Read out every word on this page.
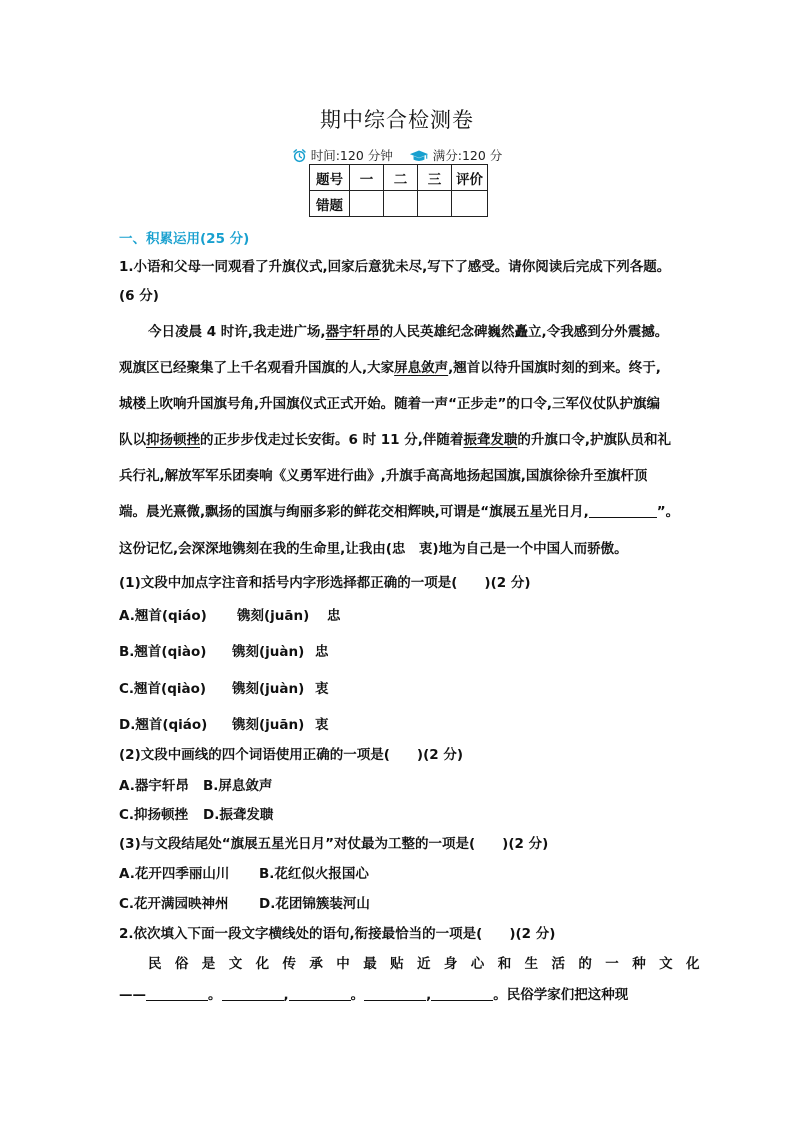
期中综合检测卷
时间:120 分钟	满分:120 分
题号	一	二	三	评价
错题				
一、积累运用(25 分)
1.小语和父母一同观看了升旗仪式,回家后意犹未尽,写下了感受。请你阅读后完成下列各题。
(6 分)
今日凌晨 4 时许,我走进广场,器宇轩昂的人民英雄纪念碑巍然矗立,令我感到分外震撼。
观旗区已经聚集了上千名观看升国旗的人,大家屏息敛声,翘首以待升国旗时刻的到来。终于,
城楼上吹响升国旗号角,升国旗仪式正式开始。随着一声“正步走”的口令,三军仪仗队护旗编
队以抑扬顿挫的正步步伐走过长安街。6 时 11 分,伴随着振聋发聩的升旗口令,护旗队员和礼
兵行礼,解放军军乐团奏响《义勇军进行曲》,升旗手高高地扬起国旗,国旗徐徐升至旗杆顶
端。晨光熹微,飘扬的国旗与绚丽多彩的鲜花交相辉映,可谓是“旗展五星光日月,	”。
这份记忆,会深深地镌刻在我的生命里,让我由(忠　衷)地为自己是一个中国人而骄傲。
(1)文段中加点字注音和括号内字形选择都正确的一项是(　　)(2 分)
A.翘首(qiáo) 镌刻(juān) 忠
B.翘首(qiào) 镌刻(juàn) 忠
C.翘首(qiào) 镌刻(juàn) 衷
D.翘首(qiáo) 镌刻(juān) 衷
(2)文段中画线的四个词语使用正确的一项是(　　)(2 分)
A.器宇轩昂 B.屏息敛声
C.抑扬顿挫 D.振聋发聩
(3)与文段结尾处“旗展五星光日月”对仗最为工整的一项是(　　)(2 分)
A.花开四季丽山川 B.花红似火报国心
C.花开满园映神州 D.花团锦簇装河山
2.依次填入下面一段文字横线处的语句,衔接最恰当的一项是(　　)(2 分)
民俗是文化传承中最贴近身心和生活的一种文化
——	。	,	。	,	。民俗学家们把这种现
